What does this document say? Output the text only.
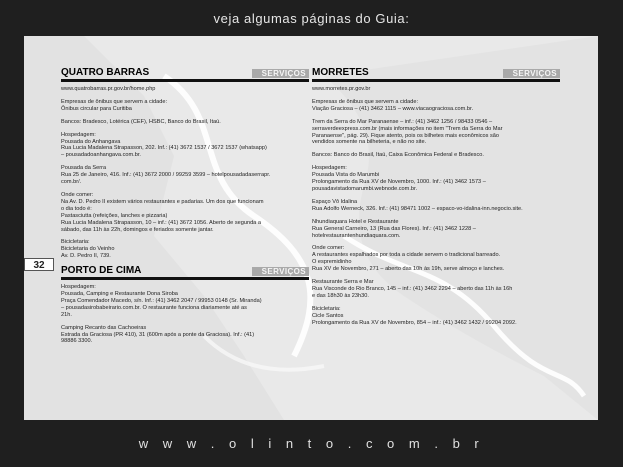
veja algumas páginas do Guia:
32
QUATRO BARRAS	SERVIÇOS

www.quatrobarras.pr.gov.br/home.php

Empresas de ônibus que servem a cidade:

Ônibus circular para Curitiba

Bancos: Bradesco, Lotérica (CEF), HSBC, Banco do Brasil, Itaú.

Hospedagem:

Pousada do Anhangava

Rua Lucia Madalena Strapasson, 202. Inf.: (41) 3672 1537 / 3672 1537 (whatsapp)

– pousadadoanhangava.com.br.

Pousada da Serra

Rua 25 de Janeiro, 416. Inf.: (41) 3672 2000 / 99259 3599 – hotelpousadadaserrapr.

com.br/.

Onde comer:

Na Av. D. Pedro II existem vários restaurantes e padarias. Um dos que funcionam

o dia todo é:

Pastasciutta (refeições, lanches e pizzaria)

Rua Lucia Madalena Strapasson, 10 – inf.: (41) 3672 1056. Aberto de segunda a

sábado, das 11h às 22h, domingos e feriados somente jantar.

Bicicletaria:

Bicicletaria do Veinho

Av. D. Pedro II, 739.

PORTO DE CIMA	SERVIÇOS

Hospedagem:

Pousada, Camping e Restaurante Dona Siroba

Praça Comendador Macedo, s/n. Inf.: (41) 3462 2047 / 99953 0148 (Sr. Miranda)

– pousadasirobabeirario.com.br. O restaurante funciona diariamente até as

21h.

Camping Recanto das Cachoeiras

Estrada da Graciosa (PR 410), 31 (600m após a ponte da Graciosa). Inf.: (41)

98886 3300.

MORRETES	SERVIÇOS

www.morretes.pr.gov.br

Empresas de ônibus que servem a cidade:

Viação Graciosa – (41) 3462 1115 – www.viacaograciosa.com.br.

Trem da Serra do Mar Paranaense – inf.: (41) 3462 1256 / 98433 0546 –

serraverdeexpress.com.br (mais informações no item "Trem da Serra do Mar

Paranaense", pág. 29). Fique atento, pois os bilhetes mais econômicos são

vendidos somente na bilheteria, e não no site.

Bancos: Banco do Brasil, Itaú, Caixa Econômica Federal e Bradesco.

Hospedagem:

Pousada Vista do Marumbi

Prolongamento da Rua XV de Novembro, 1000. Inf.: (41) 3462 1573 –

pousadavistadomarumbi.webnode.com.br.

Espaço Vô Idalina

Rua Adolfo Werneck, 326. Inf.: (41) 98471 1002 – espaco-vo-idalina-inn.negocio.site.

Nhundiaquara Hotel e Restaurante

Rua General Carneiro, 13 (Rua das Flores). Inf.: (41) 3462 1228 –

hotelrestaurantenhundiaquara.com.

Onde comer:

A restaurantes espalhados por toda a cidade servem o tradicional barreado.

O espremidinho

Rua XV de Novembro, 271 – aberto das 10h às 19h, serve almoço e lanches.

Restaurante Serra e Mar

Rua Visconde do Rio Branco, 145 – inf.: (41) 3462 2294 – aberto das 11h às 16h

e das 18h30 às 23h30.

Bicicletaria:

Cicle Santos

Prolongamento da Rua XV de Novembro, 854 – inf.: (41) 3462 1432 / 99204 2092.

w w w . o l i n t o . c o m . b r
